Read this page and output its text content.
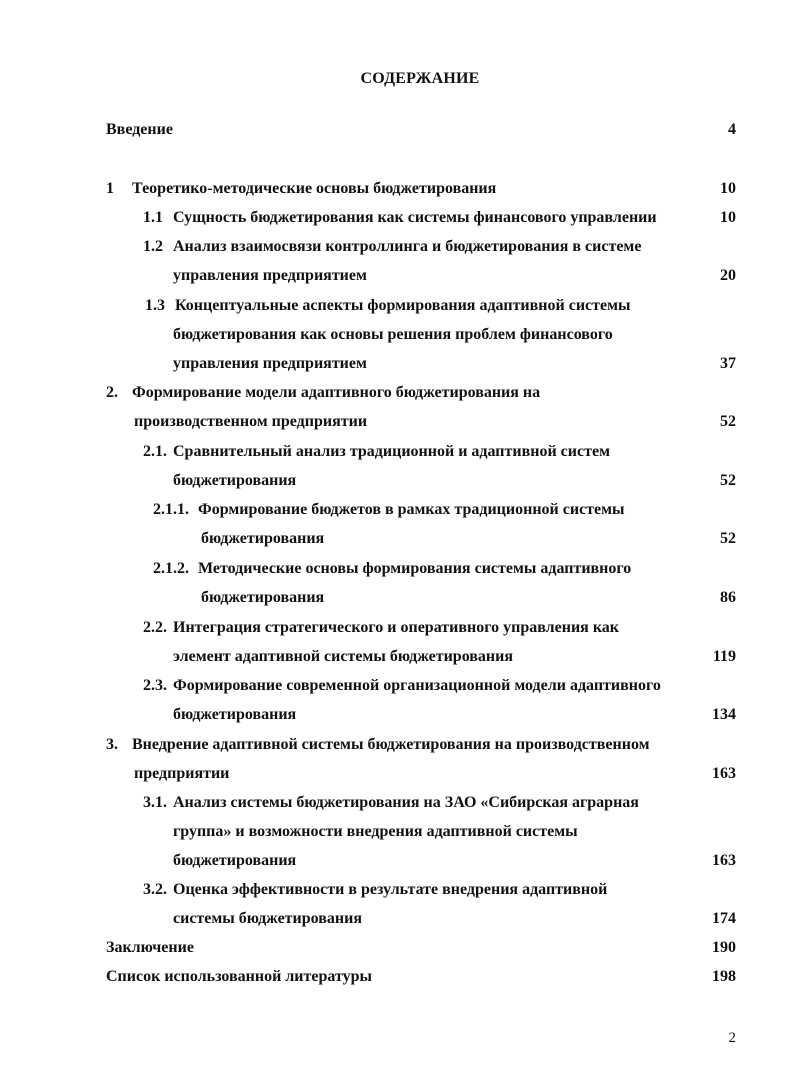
СОДЕРЖАНИЕ
Введение	4
1 Теоретико-методические основы бюджетирования	10
1.1 Сущность бюджетирования как системы финансового управлении	10
1.2 Анализ взаимосвязи контроллинга и бюджетирования в системе
управления предприятием	20
1.3 Концептуальные аспекты формирования адаптивной системы
бюджетирования как основы решения проблем финансового
управления предприятием	37
2. Формирование модели адаптивного бюджетирования на
производственном предприятии	52
2.1. Сравнительный анализ традиционной и адаптивной систем
бюджетирования	52
2.1.1. Формирование бюджетов в рамках традиционной системы
бюджетирования	52
2.1.2. Методические основы формирования системы адаптивного
бюджетирования	86
2.2. Интеграция стратегического и оперативного управления как
элемент адаптивной системы бюджетирования	119
2.3. Формирование современной организационной модели адаптивного
бюджетирования	134
3. Внедрение адаптивной системы бюджетирования на производственном
предприятии	163
3.1. Анализ системы бюджетирования на ЗАО «Сибирская аграрная
группа» и возможности внедрения адаптивной системы
бюджетирования	163
3.2. Оценка эффективности в результате внедрения адаптивной
системы бюджетирования	174
Заключение	190
Список использованной литературы	198
2
